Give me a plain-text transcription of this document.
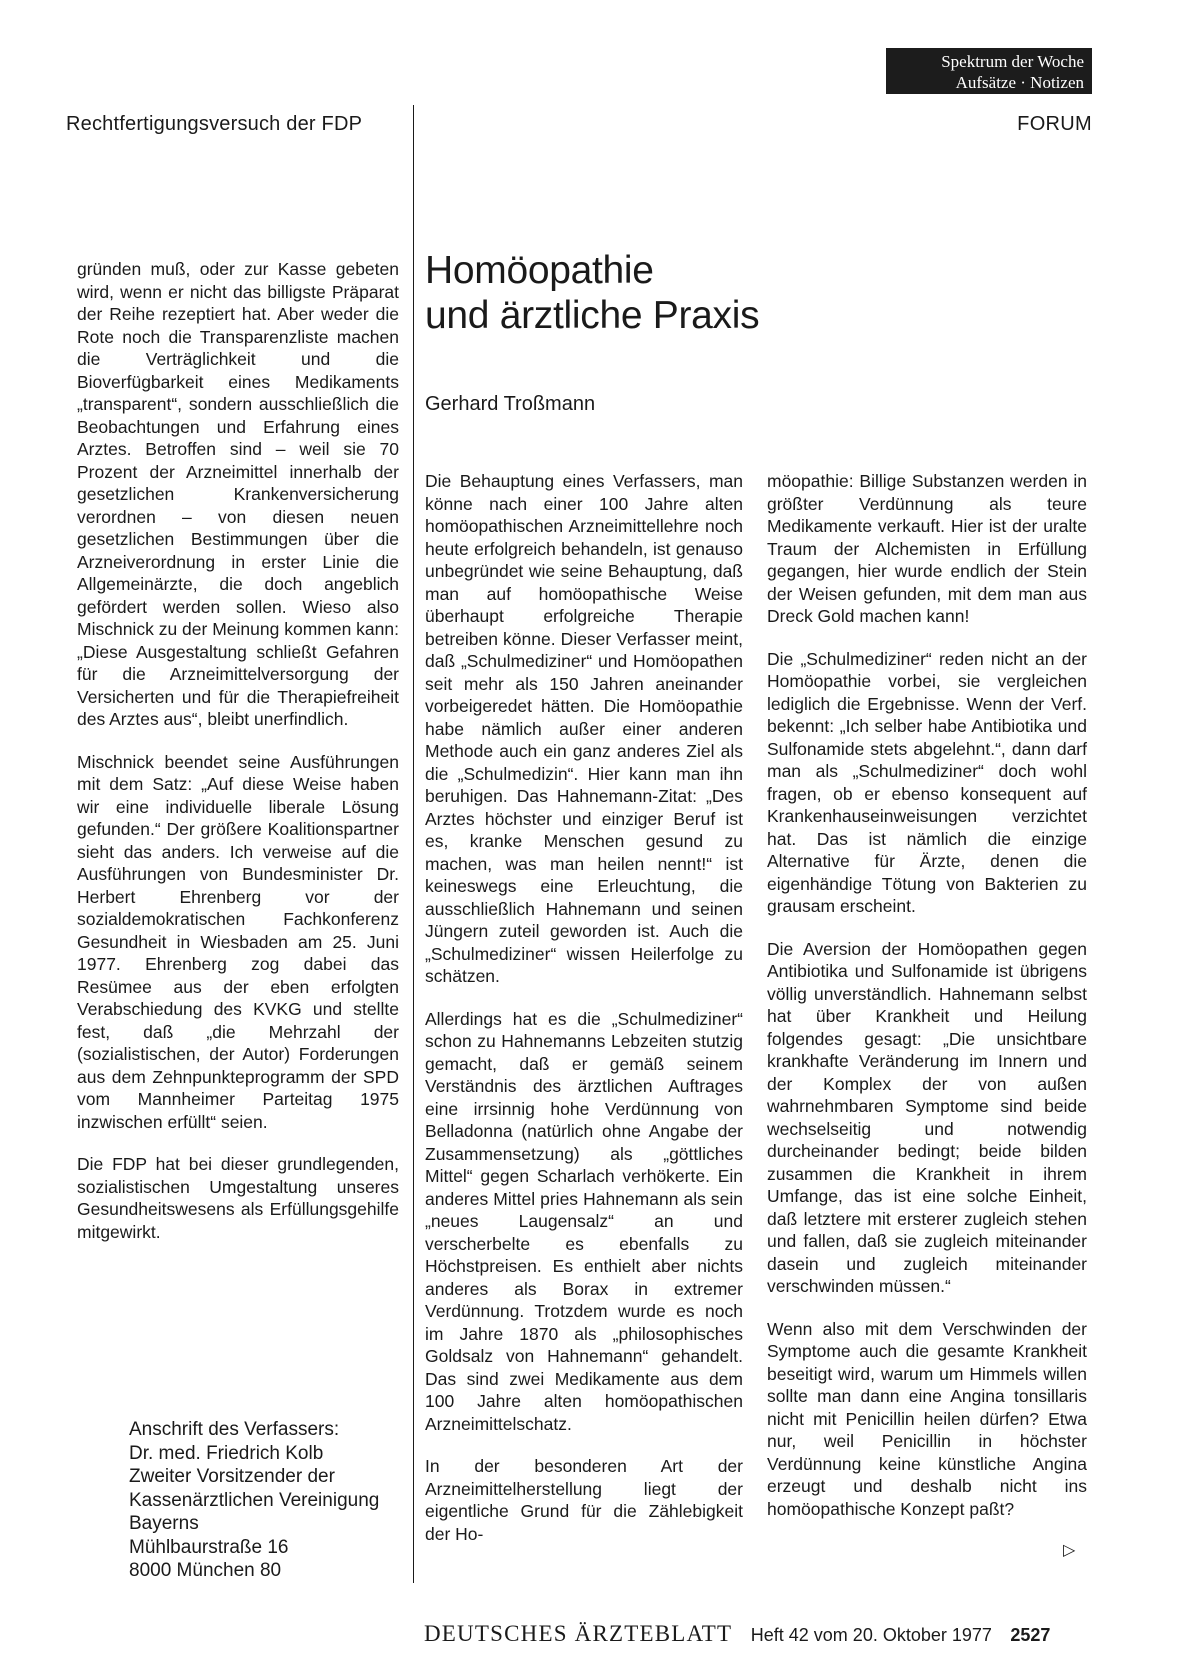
Spektrum der Woche
Aufsätze · Notizen
Rechtfertigungsversuch der FDP	FORUM

gründen muß, oder zur Kasse gebeten wird, wenn er nicht das billigste Präparat der Reihe rezeptiert hat. Aber weder die Rote noch die Transparenzliste machen die Verträglichkeit und die Bioverfügbarkeit eines Medikaments „transparent“, sondern ausschließlich die Beobachtungen und Erfahrung eines Arztes. Betroffen sind – weil sie 70 Prozent der Arzneimittel innerhalb der gesetzlichen Krankenversicherung verordnen – von diesen neuen gesetzlichen Bestimmungen über die Arzneiverordnung in erster Linie die Allgemeinärzte, die doch angeblich gefördert werden sollen. Wieso also Mischnick zu der Meinung kommen kann: „Diese Ausgestaltung schließt Gefahren für die Arzneimittelversorgung der Versicherten und für die Therapiefreiheit des Arztes aus“, bleibt unerfindlich.

Mischnick beendet seine Ausführungen mit dem Satz: „Auf diese Weise haben wir eine individuelle liberale Lösung gefunden.“ Der größere Koalitionspartner sieht das anders. Ich verweise auf die Ausführungen von Bundesminister Dr. Herbert Ehrenberg vor der sozialdemokratischen Fachkonferenz Gesundheit in Wiesbaden am 25. Juni 1977. Ehrenberg zog dabei das Resümee aus der eben erfolgten Verabschiedung des KVKG und stellte fest, daß „die Mehrzahl der (sozialistischen, der Autor) Forderungen aus dem Zehnpunkteprogramm der SPD vom Mannheimer Parteitag 1975 inzwischen erfüllt“ seien.

Die FDP hat bei dieser grundlegenden, sozialistischen Umgestaltung unseres Gesundheitswesens als Erfüllungsgehilfe mitgewirkt.

Anschrift des Verfassers:
Dr. med. Friedrich Kolb
Zweiter Vorsitzender der
Kassenärztlichen Vereinigung
Bayerns
Mühlbaurstraße 16
8000 München 80
Homöopathie
und ärztliche Praxis
Gerhard Troßmann

Die Behauptung eines Verfassers, man könne nach einer 100 Jahre alten homöopathischen Arzneimittellehre noch heute erfolgreich behandeln, ist genauso unbegründet wie seine Behauptung, daß man auf homöopathische Weise überhaupt erfolgreiche Therapie betreiben könne. Dieser Verfasser meint, daß „Schulmediziner“ und Homöopathen seit mehr als 150 Jahren aneinander vorbeigeredet hätten. Die Homöopathie habe nämlich außer einer anderen Methode auch ein ganz anderes Ziel als die „Schulmedizin“. Hier kann man ihn beruhigen. Das Hahnemann-Zitat: „Des Arztes höchster und einziger Beruf ist es, kranke Menschen gesund zu machen, was man heilen nennt!“ ist keineswegs eine Erleuchtung, die ausschließlich Hahnemann und seinen Jüngern zuteil geworden ist. Auch die „Schulmediziner“ wissen Heilerfolge zu schätzen.

Allerdings hat es die „Schulmediziner“ schon zu Hahnemanns Lebzeiten stutzig gemacht, daß er gemäß seinem Verständnis des ärztlichen Auftrages eine irrsinnig hohe Verdünnung von Belladonna (natürlich ohne Angabe der Zusammensetzung) als „göttliches Mittel“ gegen Scharlach verhökerte. Ein anderes Mittel pries Hahnemann als sein „neues Laugensalz“ an und verscherbelte es ebenfalls zu Höchstpreisen. Es enthielt aber nichts anderes als Borax in extremer Verdünnung. Trotzdem wurde es noch im Jahre 1870 als „philosophisches Goldsalz von Hahnemann“ gehandelt. Das sind zwei Medikamente aus dem 100 Jahre alten homöopathischen Arzneimittelschatz.

In der besonderen Art der Arzneimittelherstellung liegt der eigentliche Grund für die Zählebigkeit der Ho-

möopathie: Billige Substanzen werden in größter Verdünnung als teure Medikamente verkauft. Hier ist der uralte Traum der Alchemisten in Erfüllung gegangen, hier wurde endlich der Stein der Weisen gefunden, mit dem man aus Dreck Gold machen kann!

Die „Schulmediziner“ reden nicht an der Homöopathie vorbei, sie vergleichen lediglich die Ergebnisse. Wenn der Verf. bekennt: „Ich selber habe Antibiotika und Sulfonamide stets abgelehnt.“, dann darf man als „Schulmediziner“ doch wohl fragen, ob er ebenso konsequent auf Krankenhauseinweisungen verzichtet hat. Das ist nämlich die einzige Alternative für Ärzte, denen die eigenhändige Tötung von Bakterien zu grausam erscheint.

Die Aversion der Homöopathen gegen Antibiotika und Sulfonamide ist übrigens völlig unverständlich. Hahnemann selbst hat über Krankheit und Heilung folgendes gesagt: „Die unsichtbare krankhafte Veränderung im Innern und der Komplex der von außen wahrnehmbaren Symptome sind beide wechselseitig und notwendig durcheinander bedingt; beide bilden zusammen die Krankheit in ihrem Umfange, das ist eine solche Einheit, daß letztere mit ersterer zugleich stehen und fallen, daß sie zugleich miteinander dasein und zugleich miteinander verschwinden müssen.“

Wenn also mit dem Verschwinden der Symptome auch die gesamte Krankheit beseitigt wird, warum um Himmels willen sollte man dann eine Angina tonsillaris nicht mit Penicillin heilen dürfen? Etwa nur, weil Penicillin in höchster Verdünnung keine künstliche Angina erzeugt und deshalb nicht ins homöopathische Konzept paßt?

▷
DEUTSCHES ÄRZTEBLATT Heft 42 vom 20. Oktober 1977 2527
